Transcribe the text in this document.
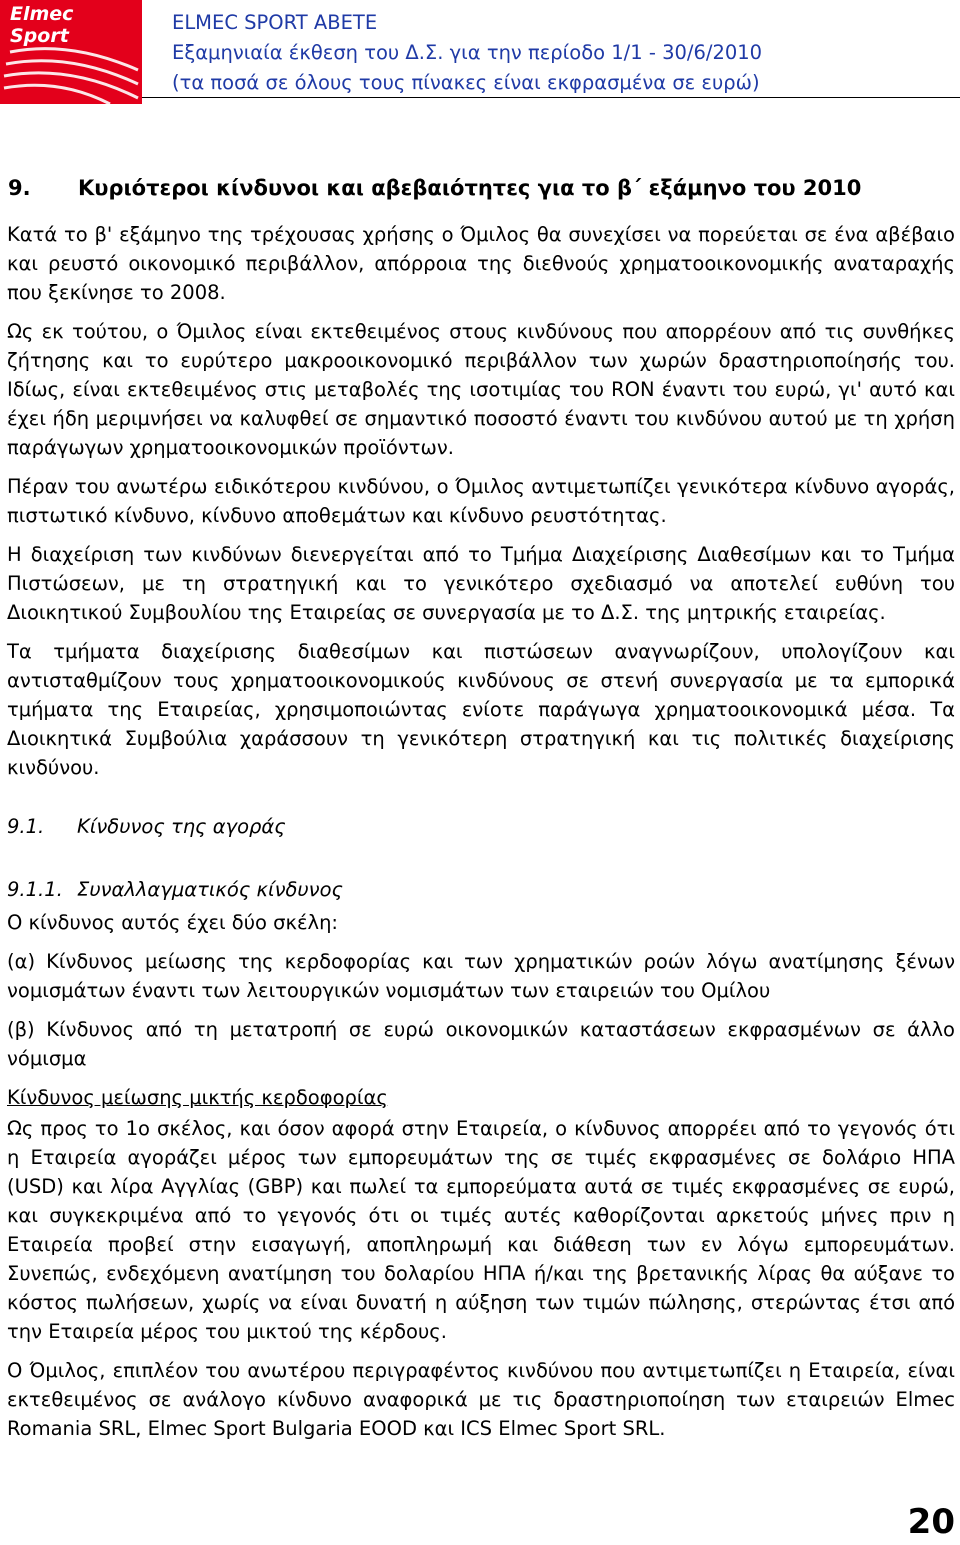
Elmec
Sport
ELMEC SPORT ABETE
Εξαμηνιαία έκθεση του Δ.Σ. για την περίοδο 1/1 - 30/6/2010
(τα ποσά σε όλους τους πίνακες είναι εκφρασμένα σε ευρώ)
9.	Κυριότεροι κίνδυνοι και αβεβαιότητες για το β΄ εξάμηνο του 2010

Κατά το β' εξάμηνο της τρέχουσας χρήσης ο Όμιλος θα συνεχίσει να πορεύεται σε ένα αβέβαιο και ρευστό οικονομικό περιβάλλον, απόρροια της διεθνούς χρηματοοικονομικής αναταραχής που ξεκίνησε το 2008.

Ως εκ τούτου, ο Όμιλος είναι εκτεθειμένος στους κινδύνους που απορρέουν από τις συνθήκες ζήτησης και το ευρύτερο μακροοικονομικό περιβάλλον των χωρών δραστηριοποίησής του. Ιδίως, είναι εκτεθειμένος στις μεταβολές της ισοτιμίας του RON έναντι του ευρώ, γι' αυτό και έχει ήδη μεριμνήσει να καλυφθεί σε σημαντικό ποσοστό έναντι του κινδύνου αυτού με τη χρήση παράγωγων χρηματοοικονομικών προϊόντων.

Πέραν του ανωτέρω ειδικότερου κινδύνου, ο Όμιλος αντιμετωπίζει γενικότερα κίνδυνο αγοράς, πιστωτικό κίνδυνο, κίνδυνο αποθεμάτων και κίνδυνο ρευστότητας.

Η διαχείριση των κινδύνων διενεργείται από το Τμήμα Διαχείρισης Διαθεσίμων και το Τμήμα Πιστώσεων, με τη στρατηγική και το γενικότερο σχεδιασμό να αποτελεί ευθύνη του Διοικητικού Συμβουλίου της Εταιρείας σε συνεργασία με το Δ.Σ. της μητρικής εταιρείας.

Τα τμήματα διαχείρισης διαθεσίμων και πιστώσεων αναγνωρίζουν, υπολογίζουν και αντισταθμίζουν τους χρηματοοικονομικούς κινδύνους σε στενή συνεργασία με τα εμπορικά τμήματα της Εταιρείας, χρησιμοποιώντας ενίοτε παράγωγα χρηματοοικονομικά μέσα. Τα Διοικητικά Συμβούλια χαράσσουν τη γενικότερη στρατηγική και τις πολιτικές διαχείρισης κινδύνου.

9.1. Κίνδυνος της αγοράς

9.1.1. Συναλλαγματικός κίνδυνος

Ο κίνδυνος αυτός έχει δύο σκέλη:

(α) Κίνδυνος μείωσης της κερδοφορίας και των χρηματικών ροών λόγω ανατίμησης ξένων νομισμάτων έναντι των λειτουργικών νομισμάτων των εταιρειών του Ομίλου

(β) Κίνδυνος από τη μετατροπή σε ευρώ οικονομικών καταστάσεων εκφρασμένων σε άλλο νόμισμα

Κίνδυνος μείωσης μικτής κερδοφορίας

Ως προς το 1ο σκέλος, και όσον αφορά στην Εταιρεία, ο κίνδυνος απορρέει από το γεγονός ότι η Εταιρεία αγοράζει μέρος των εμπορευμάτων της σε τιμές εκφρασμένες σε δολάριο ΗΠΑ (USD) και λίρα Αγγλίας (GBP) και πωλεί τα εμπορεύματα αυτά σε τιμές εκφρασμένες σε ευρώ, και συγκεκριμένα από το γεγονός ότι οι τιμές αυτές καθορίζονται αρκετούς μήνες πριν η Εταιρεία προβεί στην εισαγωγή, αποπληρωμή και διάθεση των εν λόγω εμπορευμάτων. Συνεπώς, ενδεχόμενη ανατίμηση του δολαρίου ΗΠΑ ή/και της βρετανικής λίρας θα αύξανε το κόστος πωλήσεων, χωρίς να είναι δυνατή η αύξηση των τιμών πώλησης, στερώντας έτσι από την Εταιρεία μέρος του μικτού της κέρδους.

Ο Όμιλος, επιπλέον του ανωτέρου περιγραφέντος κινδύνου που αντιμετωπίζει η Εταιρεία, είναι εκτεθειμένος σε ανάλογο κίνδυνο αναφορικά με τις δραστηριοποίηση των εταιρειών Elmec Romania SRL, Elmec Sport Bulgaria EOOD και ICS Elmec Sport SRL.

20
